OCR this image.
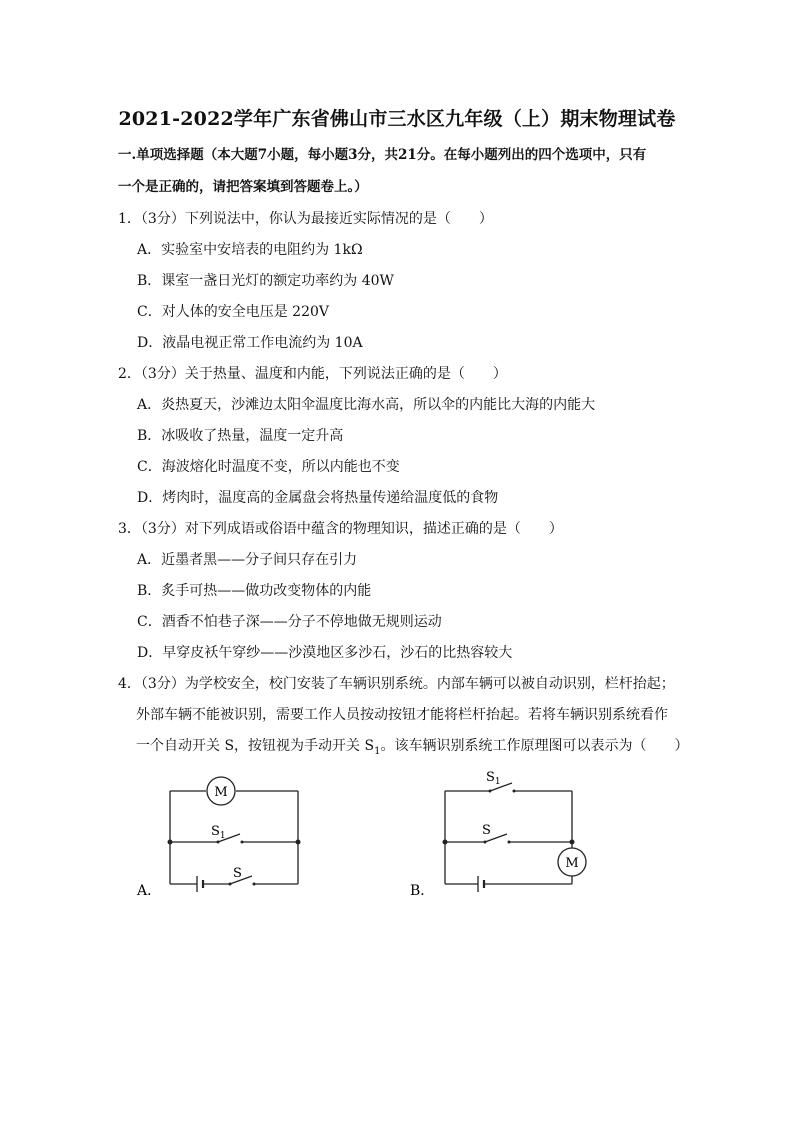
2021-2022学年广东省佛山市三水区九年级（上）期末物理试卷
一.单项选择题（本大题7小题，每小题3分，共21分。在每小题列出的四个选项中，只有
一个是正确的，请把答案填到答题卷上。）
1．（3分）下列说法中，你认为最接近实际情况的是（　　）
A．实验室中安培表的电阻约为 1kΩ
B．课室一盏日光灯的额定功率约为 40W
C．对人体的安全电压是 220V
D．液晶电视正常工作电流约为 10A
2．（3分）关于热量、温度和内能，下列说法正确的是（　　）
A．炎热夏天，沙滩边太阳伞温度比海水高，所以伞的内能比大海的内能大
B．冰吸收了热量，温度一定升高
C．海波熔化时温度不变，所以内能也不变
D．烤肉时，温度高的金属盘会将热量传递给温度低的食物
3．（3分）对下列成语或俗语中蕴含的物理知识，描述正确的是（　　）
A．近墨者黑——分子间只存在引力
B．炙手可热——做功改变物体的内能
C．酒香不怕巷子深——分子不停地做无规则运动
D．早穿皮袄午穿纱——沙漠地区多沙石，沙石的比热容较大
4．（3分）为学校安全，校门安装了车辆识别系统。内部车辆可以被自动识别，栏杆抬起；
外部车辆不能被识别，需要工作人员按动按钮才能将栏杆抬起。若将车辆识别系统看作
一个自动开关 S，按钮视为手动开关 $S_1$。该车辆识别系统工作原理图可以表示为（　　）
M
$S_1$
S
A．
M
$S_1$
S
B．
